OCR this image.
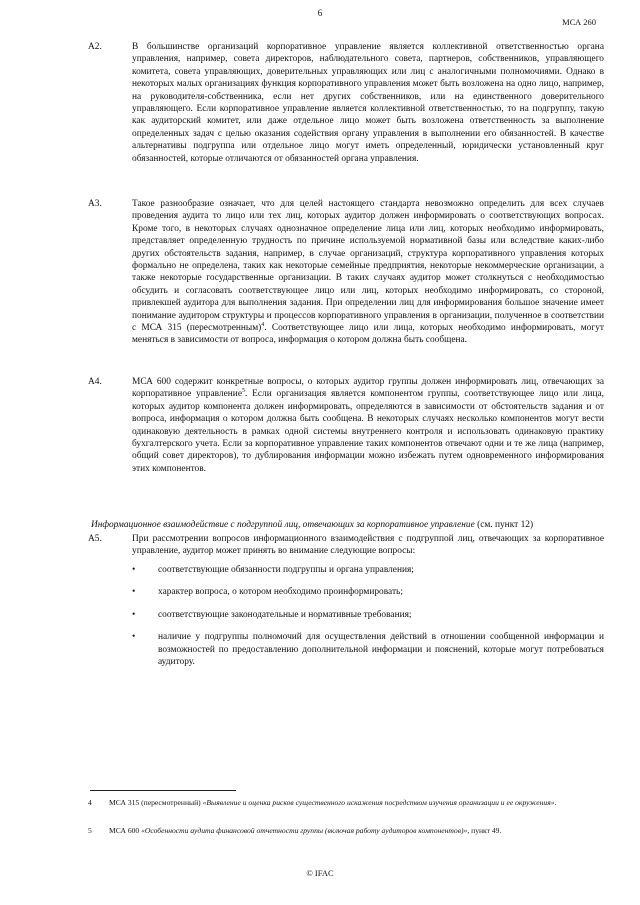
6
МСА 260
A2.	В большинстве организаций корпоративное управление является коллективной ответственностью органа управления, например, совета директоров, наблюдательного совета, партнеров, собственников, управляющего комитета, совета управляющих, доверительных управляющих или лиц с аналогичными полномочиями. Однако в некоторых малых организациях функция корпоративного управления может быть возложена на одно лицо, например, на руководителя-собственника, если нет других собственников, или на единственного доверительного управляющего. Если корпоративное управление является коллективной ответственностью, то на подгруппу, такую как аудиторский комитет, или даже отдельное лицо может быть возложена ответственность за выполнение определенных задач с целью оказания содействия органу управления в выполнении его обязанностей. В качестве альтернативы подгруппа или отдельное лицо могут иметь определенный, юридически установленный круг обязанностей, которые отличаются от обязанностей органа управления.
A3.	Такое разнообразие означает, что для целей настоящего стандарта невозможно определить для всех случаев проведения аудита то лицо или тех лиц, которых аудитор должен информировать о соответствующих вопросах. Кроме того, в некоторых случаях однозначное определение лица или лиц, которых необходимо информировать, представляет определенную трудность по причине используемой нормативной базы или вследствие каких-либо других обстоятельств задания, например, в случае организаций, структура корпоративного управления которых формально не определена, таких как некоторые семейные предприятия, некоторые некоммерческие организации, а также некоторые государственные организации. В таких случаях аудитор может столкнуться с необходимостью обсудить и согласовать соответствующее лицо или лиц, которых необходимо информировать, со стороной, привлекшей аудитора для выполнения задания. При определении лиц для информирования большое значение имеет понимание аудитором структуры и процессов корпоративного управления в организации, полученное в соответствии с МСА 315 (пересмотренным)$^4$. Соответствующее лицо или лица, которых необходимо информировать, могут меняться в зависимости от вопроса, информация о котором должна быть сообщена.
A4.	МСА 600 содержит конкретные вопросы, о которых аудитор группы должен информировать лиц, отвечающих за корпоративное управление$^5$. Если организация является компонентом группы, соответствующее лицо или лица, которых аудитор компонента должен информировать, определяются в зависимости от обстоятельств задания и от вопроса, информация о котором должна быть сообщена. В некоторых случаях несколько компонентов могут вести одинаковую деятельность в рамках одной системы внутреннего контроля и использовать одинаковую практику бухгалтерского учета. Если за корпоративное управление таких компонентов отвечают одни и те же лица (например, общий совет директоров), то дублирования информации можно избежать путем одновременного информирования этих компонентов.
Информационное взаимодействие с подгруппой лиц, отвечающих за корпоративное управление (см. пункт 12)
A5.	При рассмотрении вопросов информационного взаимодействия с подгруппой лиц, отвечающих за корпоративное управление, аудитор может принять во внимание следующие вопросы:
• соответствующие обязанности подгруппы и органа управления;
• характер вопроса, о котором необходимо проинформировать;
• соответствующие законодательные и нормативные требования;
• наличие у подгруппы полномочий для осуществления действий в отношении сообщенной информации и возможностей по предоставлению дополнительной информации и пояснений, которые могут потребоваться аудитору.
4 МСА 315 (пересмотренный) «Выявление и оценка рисков существенного искажения посредством изучения организации и ее окружения».
5 МСА 600 «Особенности аудита финансовой отчетности группы (включая работу аудиторов компонентов)», пункт 49.
© IFAC
